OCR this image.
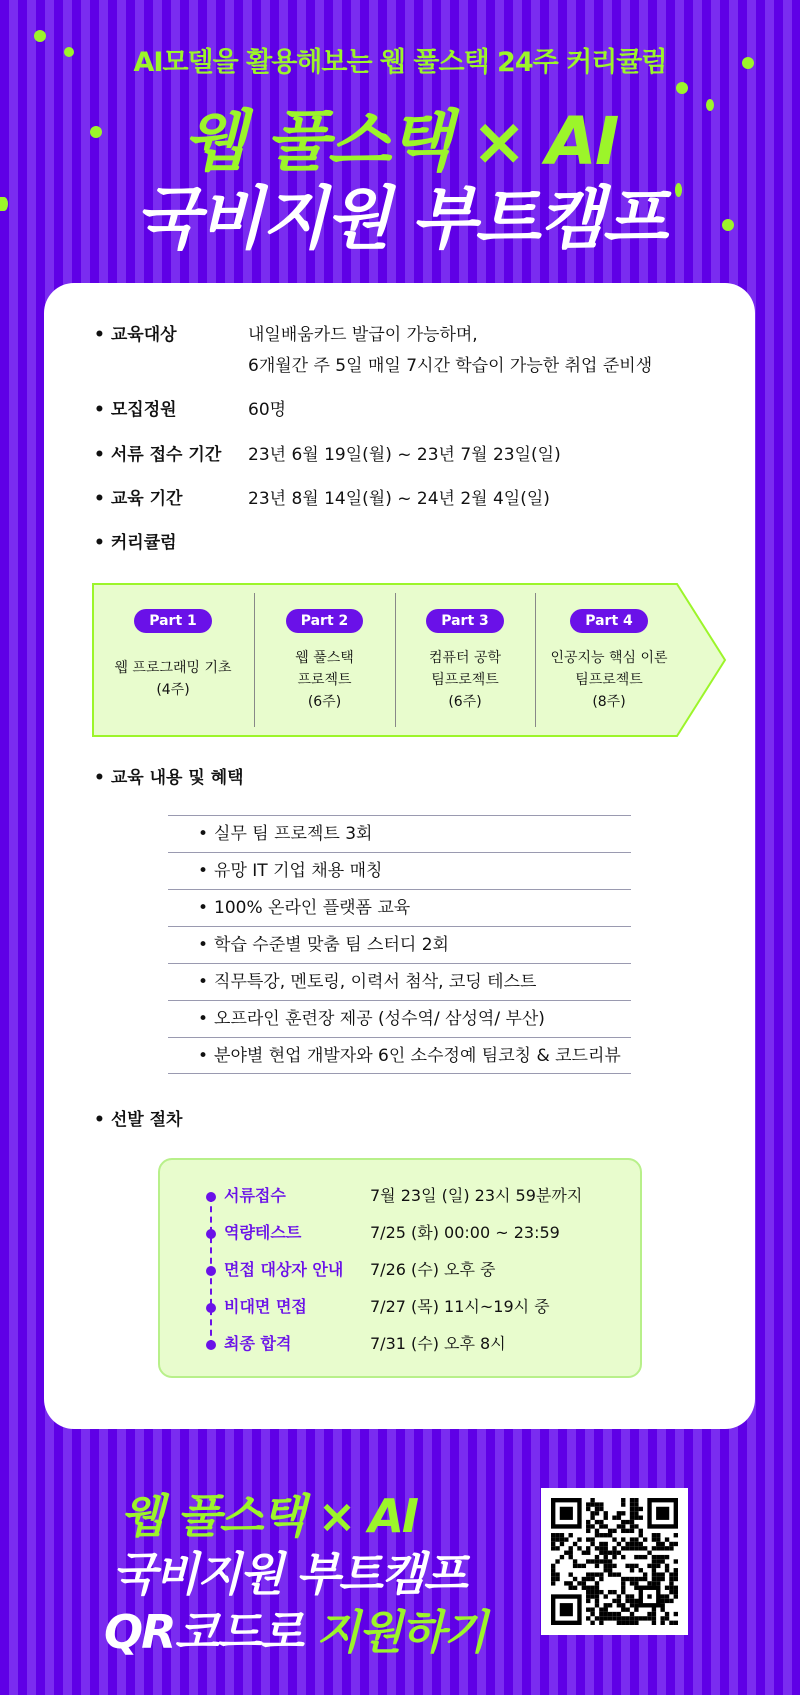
AI모델을 활용해보는 웹 풀스택 24주 커리큘럼
웹 풀스택 × AI
국비지원 부트캠프
• 교육대상	내일배움카드 발급이 가능하며,
6개월간 주 5일 매일 7시간 학습이 가능한 취업 준비생
• 모집정원	60명
• 서류 접수 기간	23년 6월 19일(월) ~ 23년 7월 23일(일)
• 교육 기간	23년 8월 14일(월) ~ 24년 2월 4일(일)
• 커리큘럼
Part 1
웹 프로그래밍 기초
(4주)
Part 2
웹 풀스택
프로젝트
(6주)
Part 3
컴퓨터 공학
팀프로젝트
(6주)
Part 4
인공지능 핵심 이론
팀프로젝트
(8주)
• 교육 내용 및 혜택
• 실무 팀 프로젝트 3회
• 유망 IT 기업 채용 매칭
• 100% 온라인 플랫폼 교육
• 학습 수준별 맞춤 팀 스터디 2회
• 직무특강, 멘토링, 이력서 첨삭, 코딩 테스트
• 오프라인 훈련장 제공 (성수역/ 삼성역/ 부산)
• 분야별 현업 개발자와 6인 소수정예 팀코칭 & 코드리뷰
• 선발 절차
서류접수	7월 23일 (일) 23시 59분까지
역량테스트	7/25 (화) 00:00 ~ 23:59
면접 대상자 안내 7/26 (수) 오후 중
비대면 면접	7/27 (목) 11시~19시 중
최종 합격	7/31 (수) 오후 8시
웹 풀스택 × AI
국비지원 부트캠프
QR코드로 지원하기
